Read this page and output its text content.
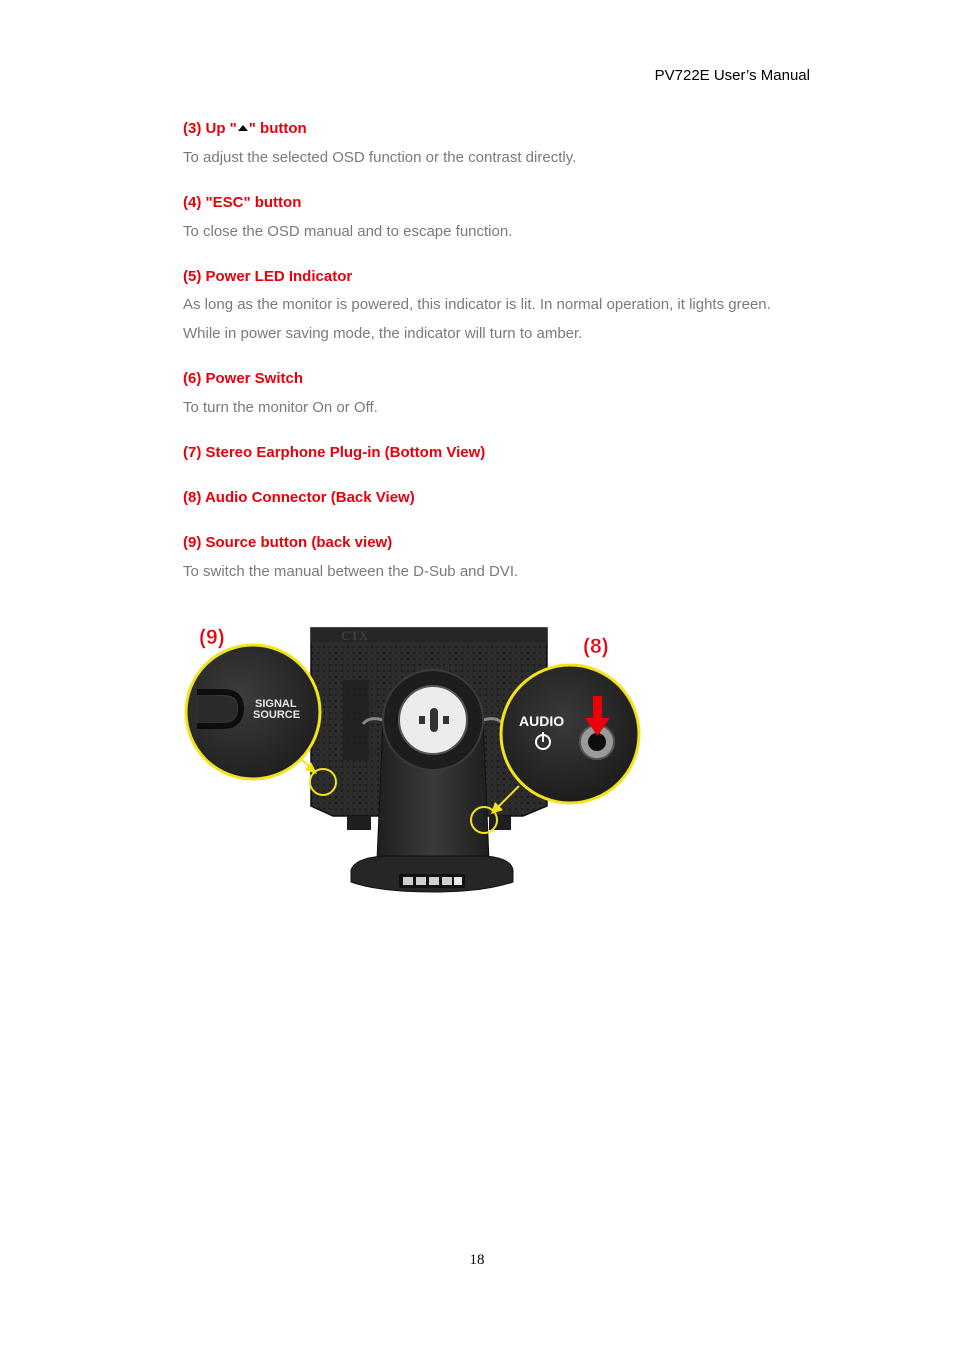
PV722E User’s Manual
(3) Up " " button
To adjust the selected OSD function or the contrast directly.
(4) "ESC" button
To close the OSD manual and to escape function.
(5) Power LED Indicator
As long as the monitor is powered, this indicator is lit. In normal operation, it lights green.
While in power saving mode, the indicator will turn to amber.
(6) Power Switch
To turn the monitor On or Off.
(7) Stereo Earphone Plug-in (Bottom View)
(8) Audio Connector (Back View)
(9) Source button (back view)
To switch the manual between the D-Sub and DVI.
CTX
SIGNAL
SOURCE	AUDIO
(9)	(8)
18
